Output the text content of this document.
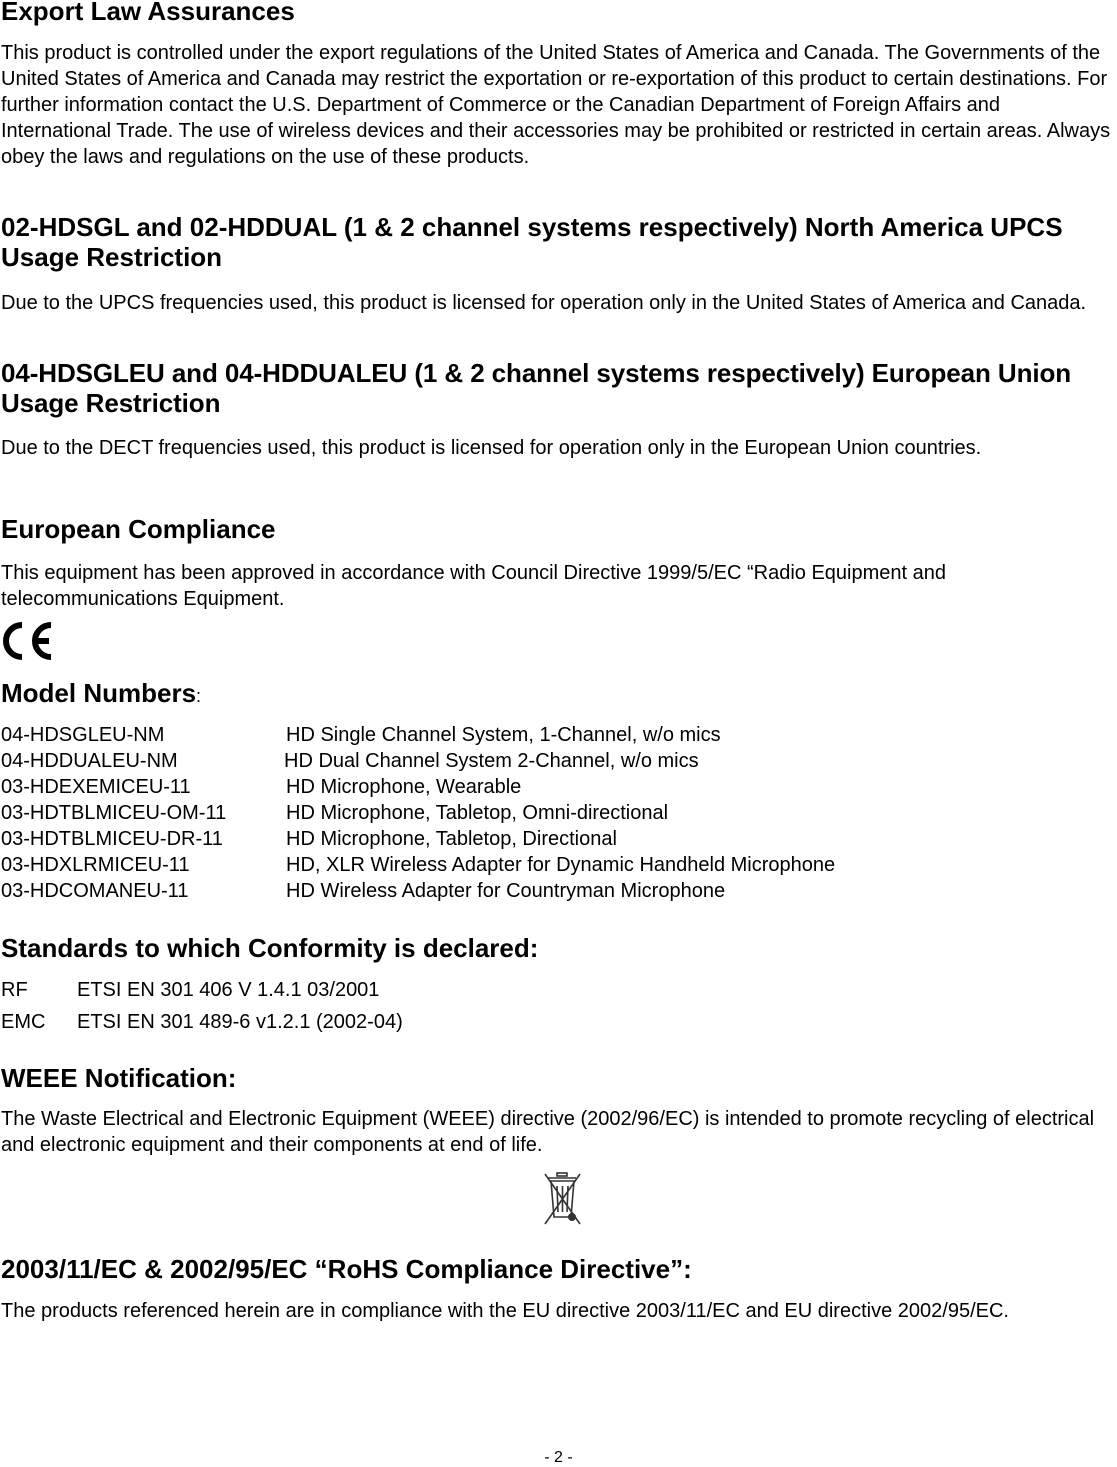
Export Law Assurances
This product is controlled under the export regulations of the United States of America and Canada. The Governments of the United States of America and Canada may restrict the exportation or re-exportation of this product to certain destinations. For further information contact the U.S. Department of Commerce or the Canadian Department of Foreign Affairs and International Trade. The use of wireless devices and their accessories may be prohibited or restricted in certain areas. Always obey the laws and regulations on the use of these products.
02-HDSGL and 02-HDDUAL (1 & 2 channel systems respectively) North America UPCS Usage Restriction
Due to the UPCS frequencies used, this product is licensed for operation only in the United States of America and Canada.
04-HDSGLEU and 04-HDDUALEU (1 & 2 channel systems respectively) European Union Usage Restriction
Due to the DECT frequencies used, this product is licensed for operation only in the European Union countries.
European Compliance
This equipment has been approved in accordance with Council Directive 1999/5/EC “Radio Equipment and telecommunications Equipment.
Model Numbers:
04-HDSGLEU-NM	HD Single Channel System, 1-Channel, w/o mics
04-HDDUALEU-NM	HD Dual Channel System 2-Channel, w/o mics
03-HDEXEMICEU-11	HD Microphone, Wearable
03-HDTBLMICEU-OM-11	HD Microphone, Tabletop, Omni-directional
03-HDTBLMICEU-DR-11	HD Microphone, Tabletop, Directional
03-HDXLRMICEU-11	HD, XLR Wireless Adapter for Dynamic Handheld Microphone
03-HDCOMANEU-11	HD Wireless Adapter for Countryman Microphone
Standards to which Conformity is declared:
RF ETSI EN 301 406 V 1.4.1 03/2001
EMC ETSI EN 301 489-6 v1.2.1 (2002-04)
WEEE Notification:
The Waste Electrical and Electronic Equipment (WEEE) directive (2002/96/EC) is intended to promote recycling of electrical and electronic equipment and their components at end of life.
2003/11/EC & 2002/95/EC “RoHS Compliance Directive”:
The products referenced herein are in compliance with the EU directive 2003/11/EC and EU directive 2002/95/EC.
- 2 -
